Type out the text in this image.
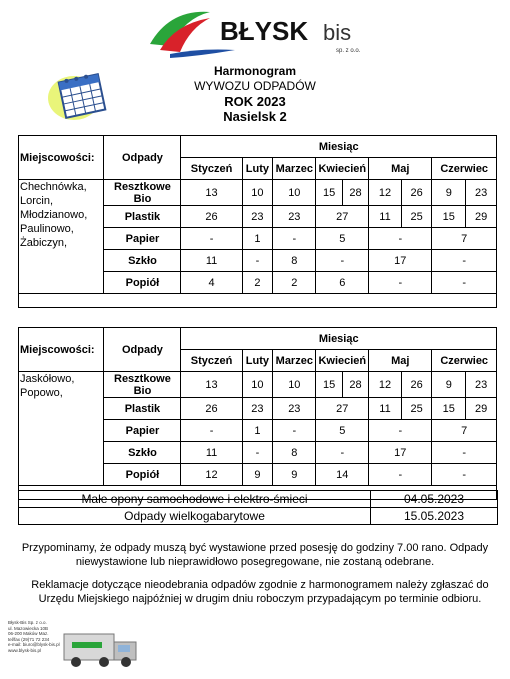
BŁYSK bis
sp. z o.o.
Harmonogram
WYWOZU ODPADÓW
ROK 2023
Nasielsk 2
Miejscowości:	Odpady	Miesiąc								
		Styczeń	Luty	Marzec	Kwiecień		Maj		Czerwiec	
Chechnówka, Lorcin, Młodzianowo, Paulinowo, Żabiczyn,	Resztkowe Bio	13	10	10	15	28	12	26	9	23
	Plastik	26	23	23	27		11	25	15	29
	Papier	-	1	-	5		-		7	
	Szkło	11	-	8	-		17		-	
	Popiół	4	2	2	6		-		-	

Miejscowości:	Odpady	Miesiąc								
		Styczeń	Luty	Marzec	Kwiecień		Maj		Czerwiec	
Jaskółowo, Popowo,	Resztkowe Bio	13	10	10	15	28	12	26	9	23
	Plastik	26	23	23	27		11	25	15	29
	Papier	-	1	-	5		-		7	
	Szkło	11	-	8	-		17		-	
	Popiół	12	9	9	14		-		-	

Małe opony samochodowe i elektro-śmieci	04.05.2023
Odpady wielkogabarytowe	15.05.2023
Przypominamy, że odpady muszą być wystawione przed posesję do godziny 7.00 rano. Odpady niewystawione lub nieprawidłowo posegregowane, nie zostaną odebrane.
Reklamacje dotyczące nieodebrania odpadów zgodnie z harmonogramem należy zgłaszać do Urzędu Miejskiego najpóźniej w drugim dniu roboczym przypadającym po terminie odbioru.
Błysk-Bis Sp. z o.o.
ul. Mazowiecka 10B
06-200 Maków Maz.
tel/fax (29)71 72 234
e-mail: biuro@blysk-bis.pl
www.blysk-bis.pl
